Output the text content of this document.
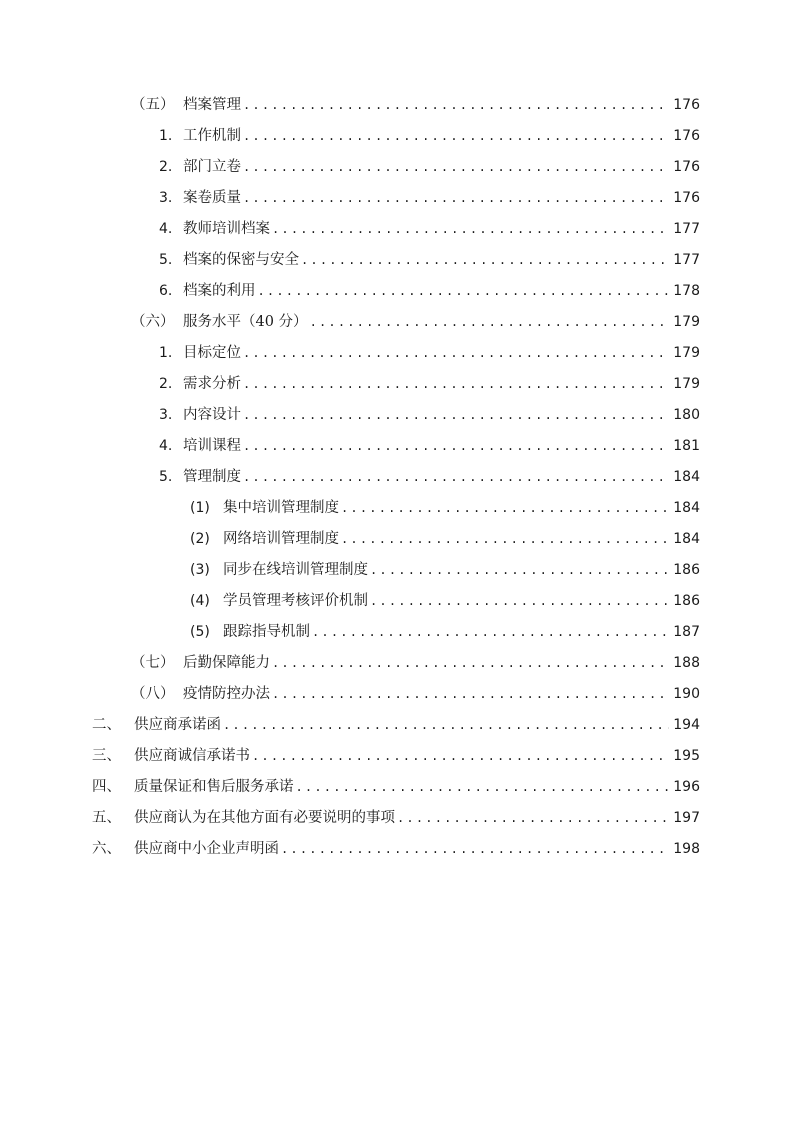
（五） 档案管理 .....	176
1. 工作机制 .....	176
2. 部门立卷 .....	176
3. 案卷质量 .....	176
4. 教师培训档案 .....	177
5. 档案的保密与安全 .....	177
6. 档案的利用 .....	178
（六） 服务水平（40 分） .....	179
1. 目标定位 .....	179
2. 需求分析 .....	179
3. 内容设计 .....	180
4. 培训课程 .....	181
5. 管理制度 .....	184
(1) 集中培训管理制度 .....	184
(2) 网络培训管理制度 .....	184
(3) 同步在线培训管理制度 .....	186
(4) 学员管理考核评价机制 .....	186
(5) 跟踪指导机制 .....	187
（七） 后勤保障能力 .....	188
（八） 疫情防控办法 .....	190
二、 供应商承诺函 .....	194
三、 供应商诚信承诺书 .....	195
四、 质量保证和售后服务承诺 .....	196
五、 供应商认为在其他方面有必要说明的事项 .....	197
六、 供应商中小企业声明函 .....	198
